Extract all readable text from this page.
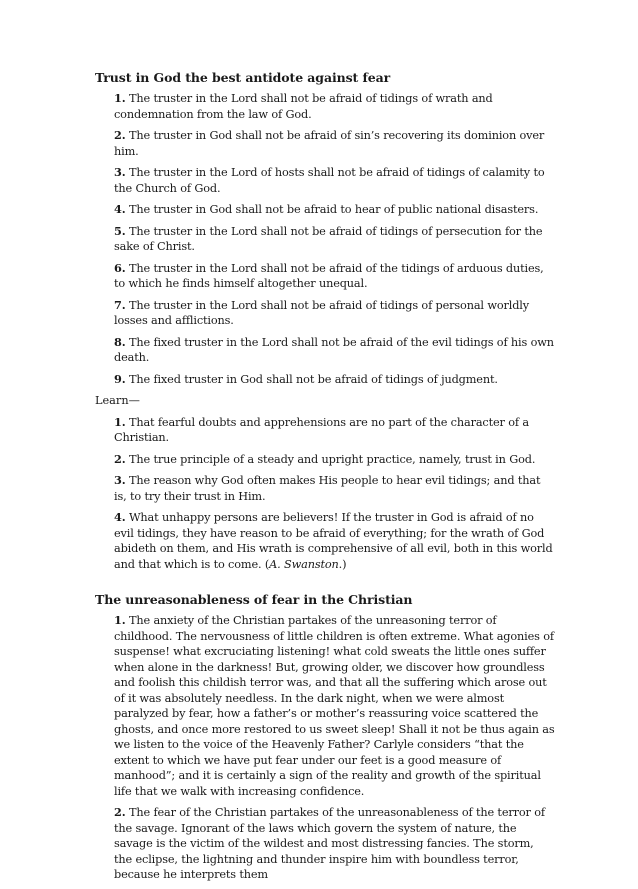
Trust in God the best antidote against fear

1. The truster in the Lord shall not be afraid of tidings of wrath and condemnation from the law of God.

2. The truster in God shall not be afraid of sin’s recovering its dominion over him.

3. The truster in the Lord of hosts shall not be afraid of tidings of calamity to the Church of God.

4. The truster in God shall not be afraid to hear of public national disasters.

5. The truster in the Lord shall not be afraid of tidings of persecution for the sake of Christ.

6. The truster in the Lord shall not be afraid of the tidings of arduous duties, to which he finds himself altogether unequal.

7. The truster in the Lord shall not be afraid of tidings of personal worldly losses and afflictions.

8. The fixed truster in the Lord shall not be afraid of the evil tidings of his own death.

9. The fixed truster in God shall not be afraid of tidings of judgment.

Learn—

1. That fearful doubts and apprehensions are no part of the character of a Christian.

2. The true principle of a steady and upright practice, namely, trust in God.

3. The reason why God often makes His people to hear evil tidings; and that is, to try their trust in Him.

4. What unhappy persons are believers! If the truster in God is afraid of no evil tidings, they have reason to be afraid of everything; for the wrath of God abideth on them, and His wrath is comprehensive of all evil, both in this world and that which is to come. (A. Swanston.)

The unreasonableness of fear in the Christian

1. The anxiety of the Christian partakes of the unreasoning terror of childhood. The nervousness of little children is often extreme. What agonies of suspense! what excruciating listening! what cold sweats the little ones suffer when alone in the darkness! But, growing older, we discover how groundless and foolish this childish terror was, and that all the suffering which arose out of it was absolutely needless. In the dark night, when we were almost paralyzed by fear, how a father’s or mother’s reassuring voice scattered the ghosts, and once more restored to us sweet sleep! Shall it not be thus again as we listen to the voice of the Heavenly Father? Carlyle considers “that the extent to which we have put fear under our feet is a good measure of manhood”; and it is certainly a sign of the reality and growth of the spiritual life that we walk with increasing confidence.

2. The fear of the Christian partakes of the unreasonableness of the terror of the savage. Ignorant of the laws which govern the system of nature, the savage is the victim of the wildest and most distressing fancies. The storm, the eclipse, the lightning and thunder inspire him with boundless terror, because he interprets them
